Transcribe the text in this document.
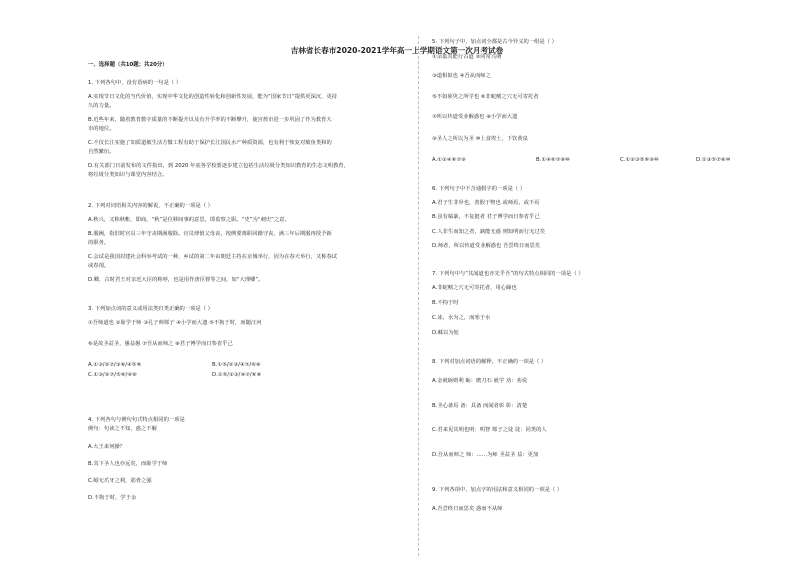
吉林省长春市2020-2021学年高一上学期语文第一次月考试卷
一、选择题（共10题；共20分）
1. 下列各句中，没有语病的一句是（ ）
A.实现节日文化的当代价值，实现中华文化的创造性转化和创新性发展，能为“国家节日”提供更深沉、更持
久的力量。
B.近些年来，随着教育数字质量的不断提升以及有升学率的不断攀升，使宫敖市进一步巩固了作为教育大
市的地位。
C.不仅长江实施了知质道敏生活方微工程有助于保护长江国民水产种质资源，也有利于恢复对敏鱼类和的
自然繁衍。
D.有关部门日前发布的文件指出，到 2020 年底各学校要逐步建立包括生活垃圾分类知识教育的生态文明教育，
将垃圾分类知识与课堂内容结合。
2. 下列对词语相关内容的解说，不正确的一项是（ ）
A.秋兴，又称秋帐，即商，“秋”是位移间事的意思，即监察之职。“史”为“刺史”之意。
B.服阙，指旧时官员三年守丧期满服除。官员律值父母丧，按例要离职回籍守丧，满三年后期服再授予新
的职务。
C.会试是我国封建社会科举考试的一种，乡试的第二年由朝廷主持在京城举行，因为在春天举行，又称春试
或春闱。
D.卿，古时君王对亲近大臣的称呼，也是用作唐臣督等之间，如“大理卿”。
3. 下列加点词的意义或用法类归类正确的一项是（ ）
①吾师道也 ②耻学于师 ③孔子师郯子 ④小学而大遗 ⑤不拘于时，而随汪河
⑥是故圣益圣，愚益愚 ⑦吾从而师之 ⑧君子博学而日参省乎己
A.①③/②⑦/③⑥/④⑤⑥	B.①⑤/②③/④⑦/⑥⑧
C.①③/②⑦/⑤⑥/④⑧	D.①⑤/②③/④⑦/⑥⑧
4. 下列各句与例句句式特点相同的一项是
例句：句读之不知，惑之不解
A.大王来何操？
B.其下圣人也亦远矣，而耻学于师
C.蚓无爪牙之利，筋骨之强
D.不拘于时，学于余
5. 下列句子中，加点词全都是古今异义的一组是（ ）
①余嘉其能行古道 ②同常兴萌
③道相似也 ④吾从而师之
⑤不如须臾之所学也 ⑥非蛇鳝之穴无可寄托者
⑦所以传道受业解惑也 ⑧小学而大遗
⑨圣人之所以为圣 ⑩上食埃土，下饮黄泉
A.①②④⑥⑦⑨	B.①④⑥⑦⑧⑩	C.①②③⑤⑥⑨⑩	D.①③⑤⑦⑧⑩
6. 下列句子中不含通假字的一项是（ ）
A.君子生非异也，善假于物也 或师焉，或不焉
B.虽有槁暴，不复挺者 君子博学而日参省乎己
C.人非生而知之者，孰能无惑 则知明而行无过矣
D.师者，所以传道受业解惑也 吾尝终日而思矣
7. 下列句中与“其闻道也亦先乎吾”的句式特点相同的一项是（ ）
A.非蛇鳝之穴无可寄托者，用心躁也
B.不拘于时
C.冰，水为之，而寒于水
D.輮以为轮
8. 下列对加点词语的解释，不正确的一项是（ ）
A.金就砺则利 砺：磨刀石 就学 劝：劝说
B.圣心备焉 备：具备 而闻者彰 彰：清楚
C.君来见其明也明：明智 郯子之徒 徒：同类的人
D.吾从而师之 师：……为师 圣益圣 益：更加
9. 下列各项中，加点字的用法和意义相同的一项是（ ）
A.吾尝终日而思矣 惑而不从师
